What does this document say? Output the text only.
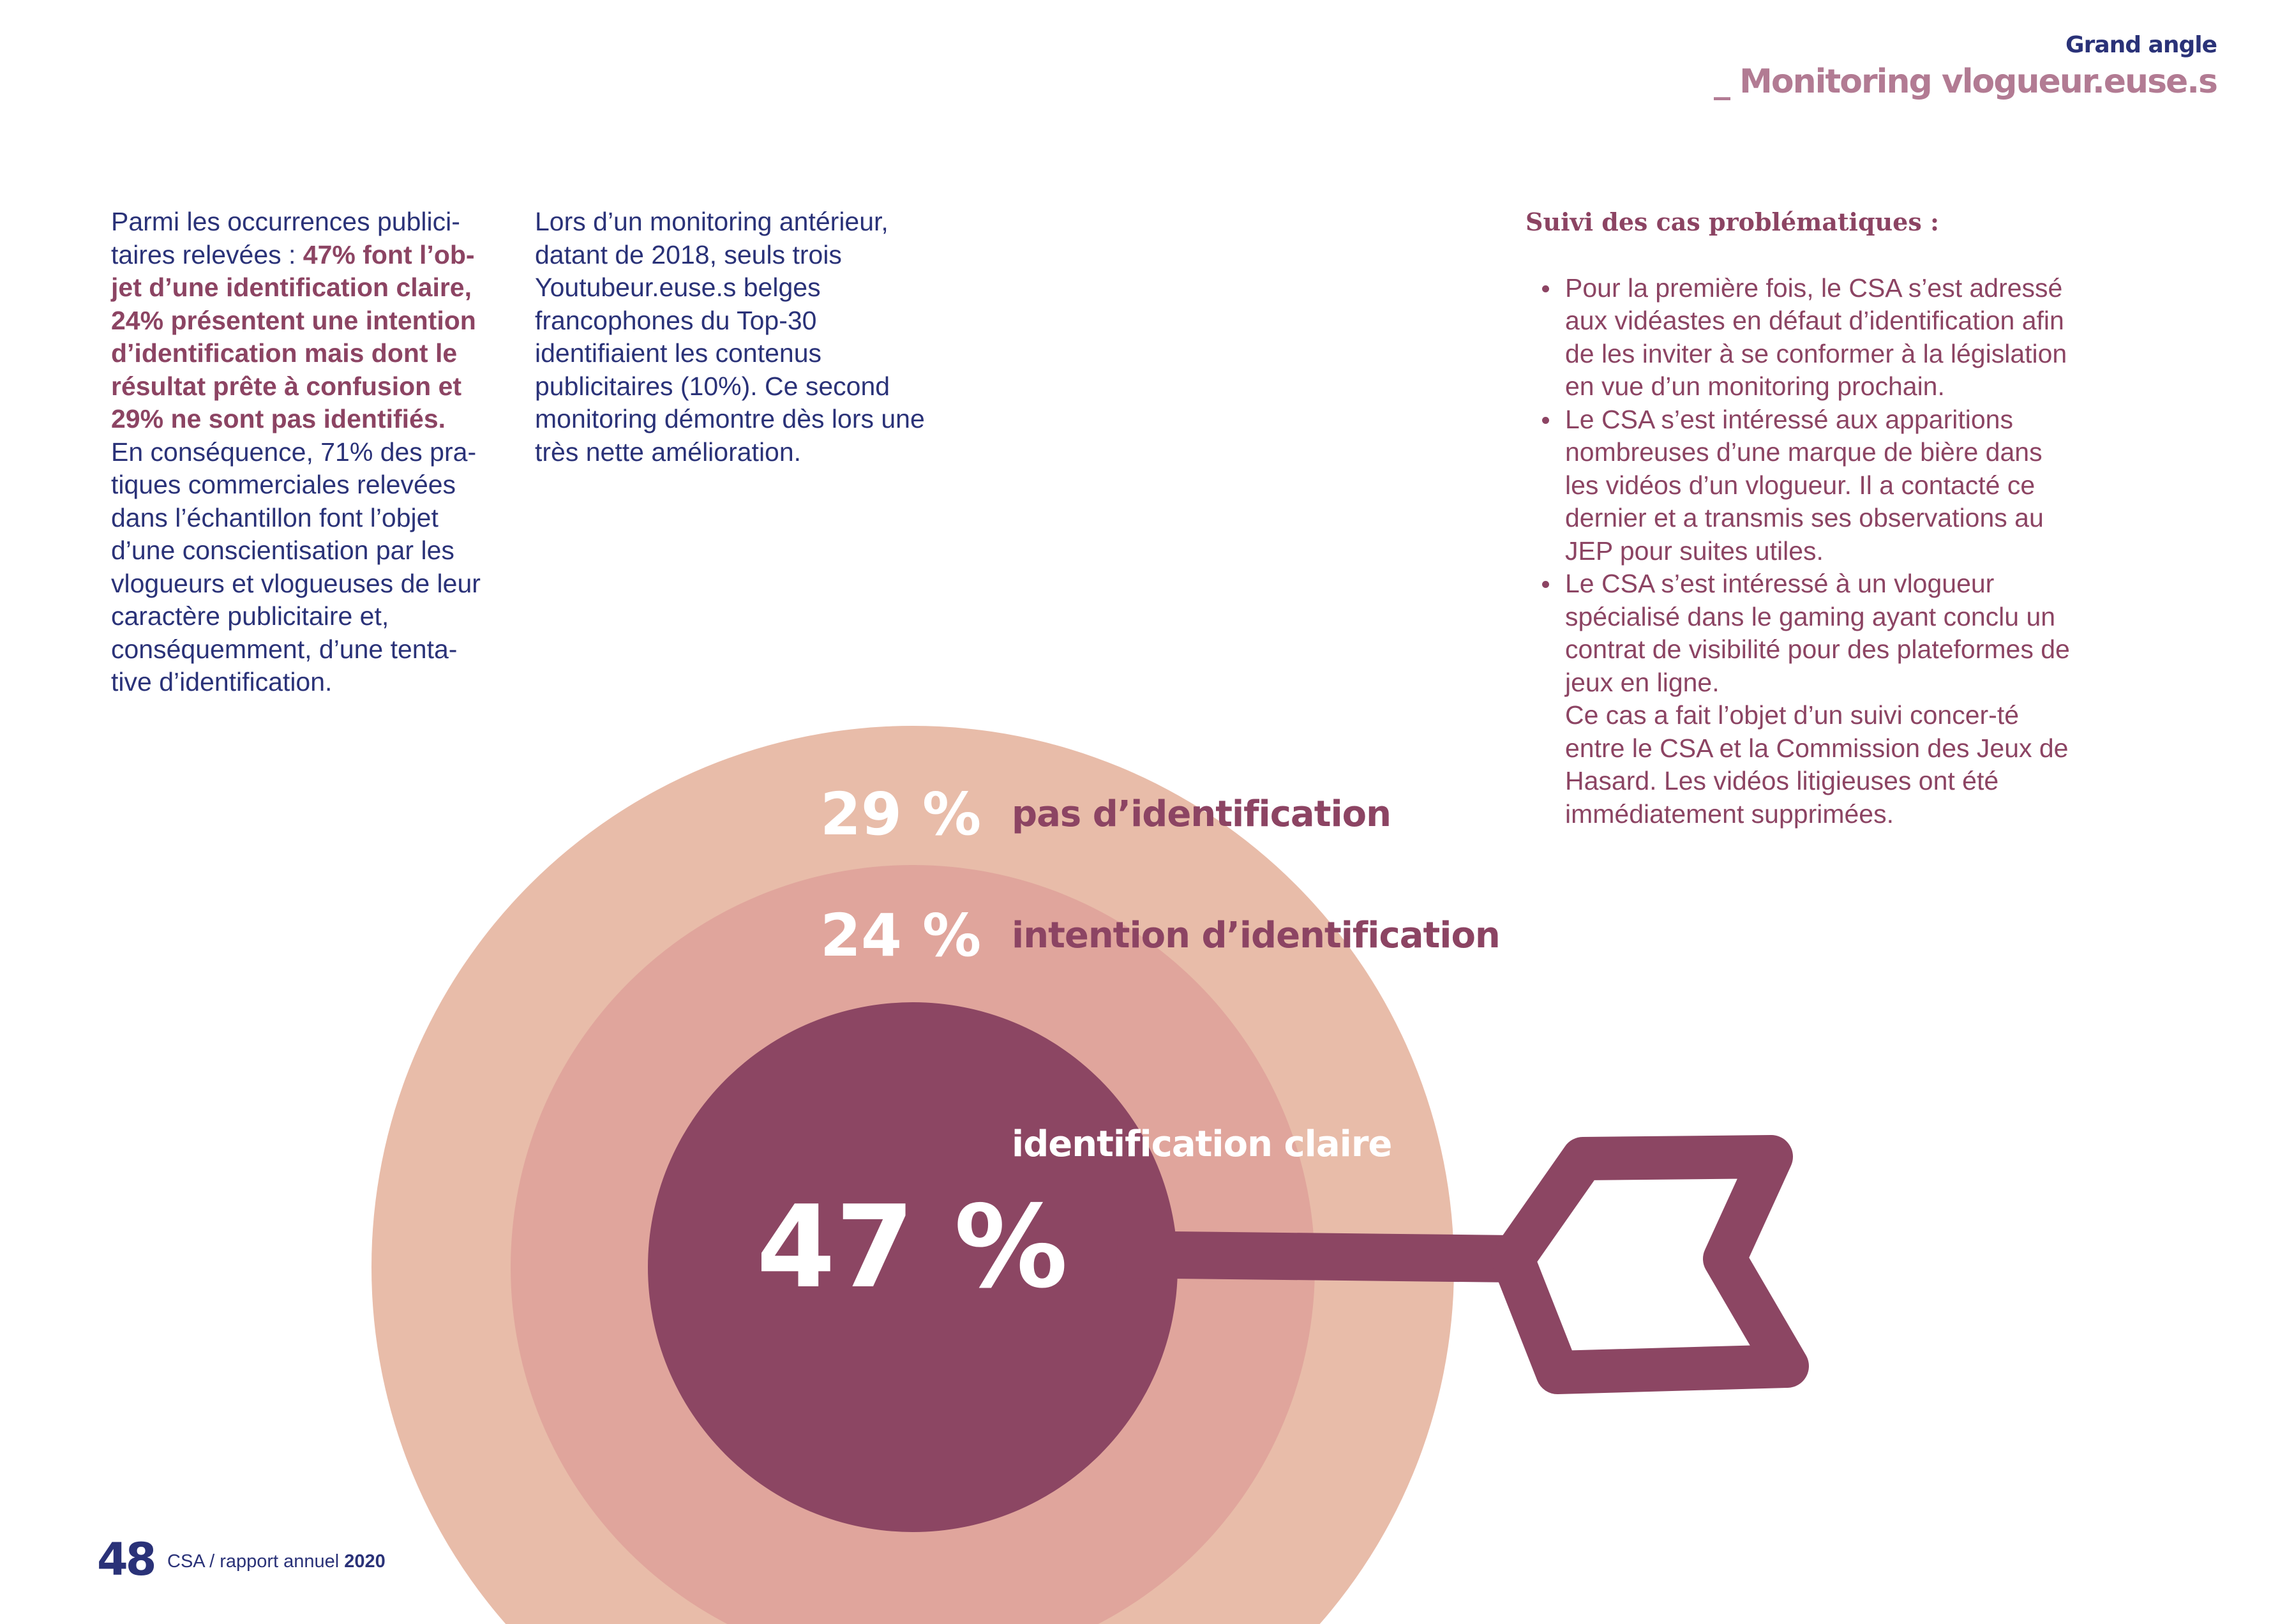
Grand angle
_ Monitoring vlogueur.euse.s

Parmi les occurrences publici-taires relevées : 47% font l’ob-jet d’une identification claire, 24% présentent une intention d’identification mais dont le résultat prête à confusion et 29% ne sont pas identifiés.

En conséquence, 71% des pra-tiques commerciales relevées dans l’échantillon font l’objet d’une conscientisation par les vlogueurs et vlogueuses de leur caractère publicitaire et, conséquemment, d’une tenta-tive d’identification.

Lors d’un monitoring antérieur, datant de 2018, seuls trois Youtubeur.euse.s belges francophones du Top-30 identifiaient les contenus publicitaires (10%). Ce second monitoring démontre dès lors une très nette amélioration.

Suivi des cas problématiques :

Pour la première fois, le CSA s’est adressé aux vidéastes en défaut d’identification afin de les inviter à se conformer à la législation en vue d’un monitoring prochain.
Le CSA s’est intéressé aux apparitions nombreuses d’une marque de bière dans les vidéos d’un vlogueur. Il a contacté ce dernier et a transmis ses observations au JEP pour suites utiles.
Le CSA s’est intéressé à un vlogueur spécialisé dans le gaming ayant conclu un contrat de visibilité pour des plateformes de jeux en ligne.
Ce cas a fait l’objet d’un suivi concer-té entre le CSA et la Commission des Jeux de Hasard. Les vidéos litigieuses ont été immédiatement supprimées.
29 % pas d’identification
24 % intention d’identification
identification claire
47 %
48 CSA / rapport annuel 2020
